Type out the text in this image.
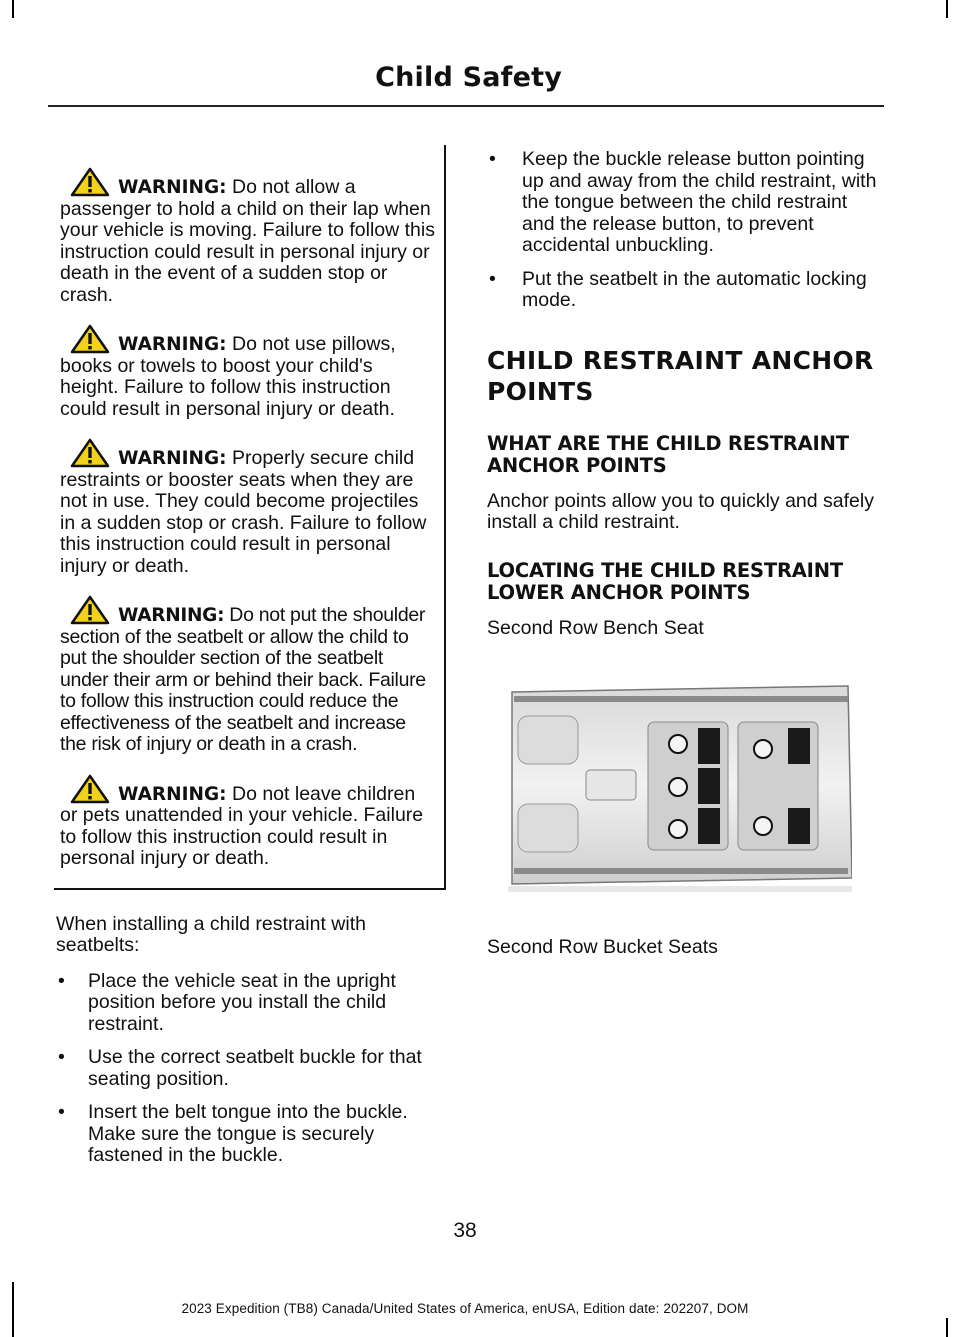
Child Safety

WARNING: Do not allow a passenger to hold a child on their lap when your vehicle is moving. Failure to follow this instruction could result in personal injury or death in the event of a sudden stop or crash.

WARNING: Do not use pillows, books or towels to boost your child's height. Failure to follow this instruction could result in personal injury or death.

WARNING: Properly secure child restraints or booster seats when they are not in use. They could become projectiles in a sudden stop or crash. Failure to follow this instruction could result in personal injury or death.

WARNING: Do not put the shoulder section of the seatbelt or allow the child to put the shoulder section of the seatbelt under their arm or behind their back. Failure to follow this instruction could reduce the effectiveness of the seatbelt and increase the risk of injury or death in a crash.

WARNING: Do not leave children or pets unattended in your vehicle. Failure to follow this instruction could result in personal injury or death.

When installing a child restraint with seatbelts:

• Place the vehicle seat in the upright position before you install the child restraint.
• Use the correct seatbelt buckle for that seating position.
• Insert the belt tongue into the buckle. Make sure the tongue is securely fastened in the buckle.
• Keep the buckle release button pointing up and away from the child restraint, with the tongue between the child restraint and the release button, to prevent accidental unbuckling.
• Put the seatbelt in the automatic locking mode.
CHILD RESTRAINT ANCHOR
POINTS
WHAT ARE THE CHILD RESTRAINT ANCHOR POINTS

Anchor points allow you to quickly and safely install a child restraint.

LOCATING THE CHILD RESTRAINT LOWER ANCHOR POINTS

Second Row Bench Seat

Second Row Bucket Seats
38
2023 Expedition (TB8) Canada/United States of America, enUSA, Edition date: 202207, DOM
